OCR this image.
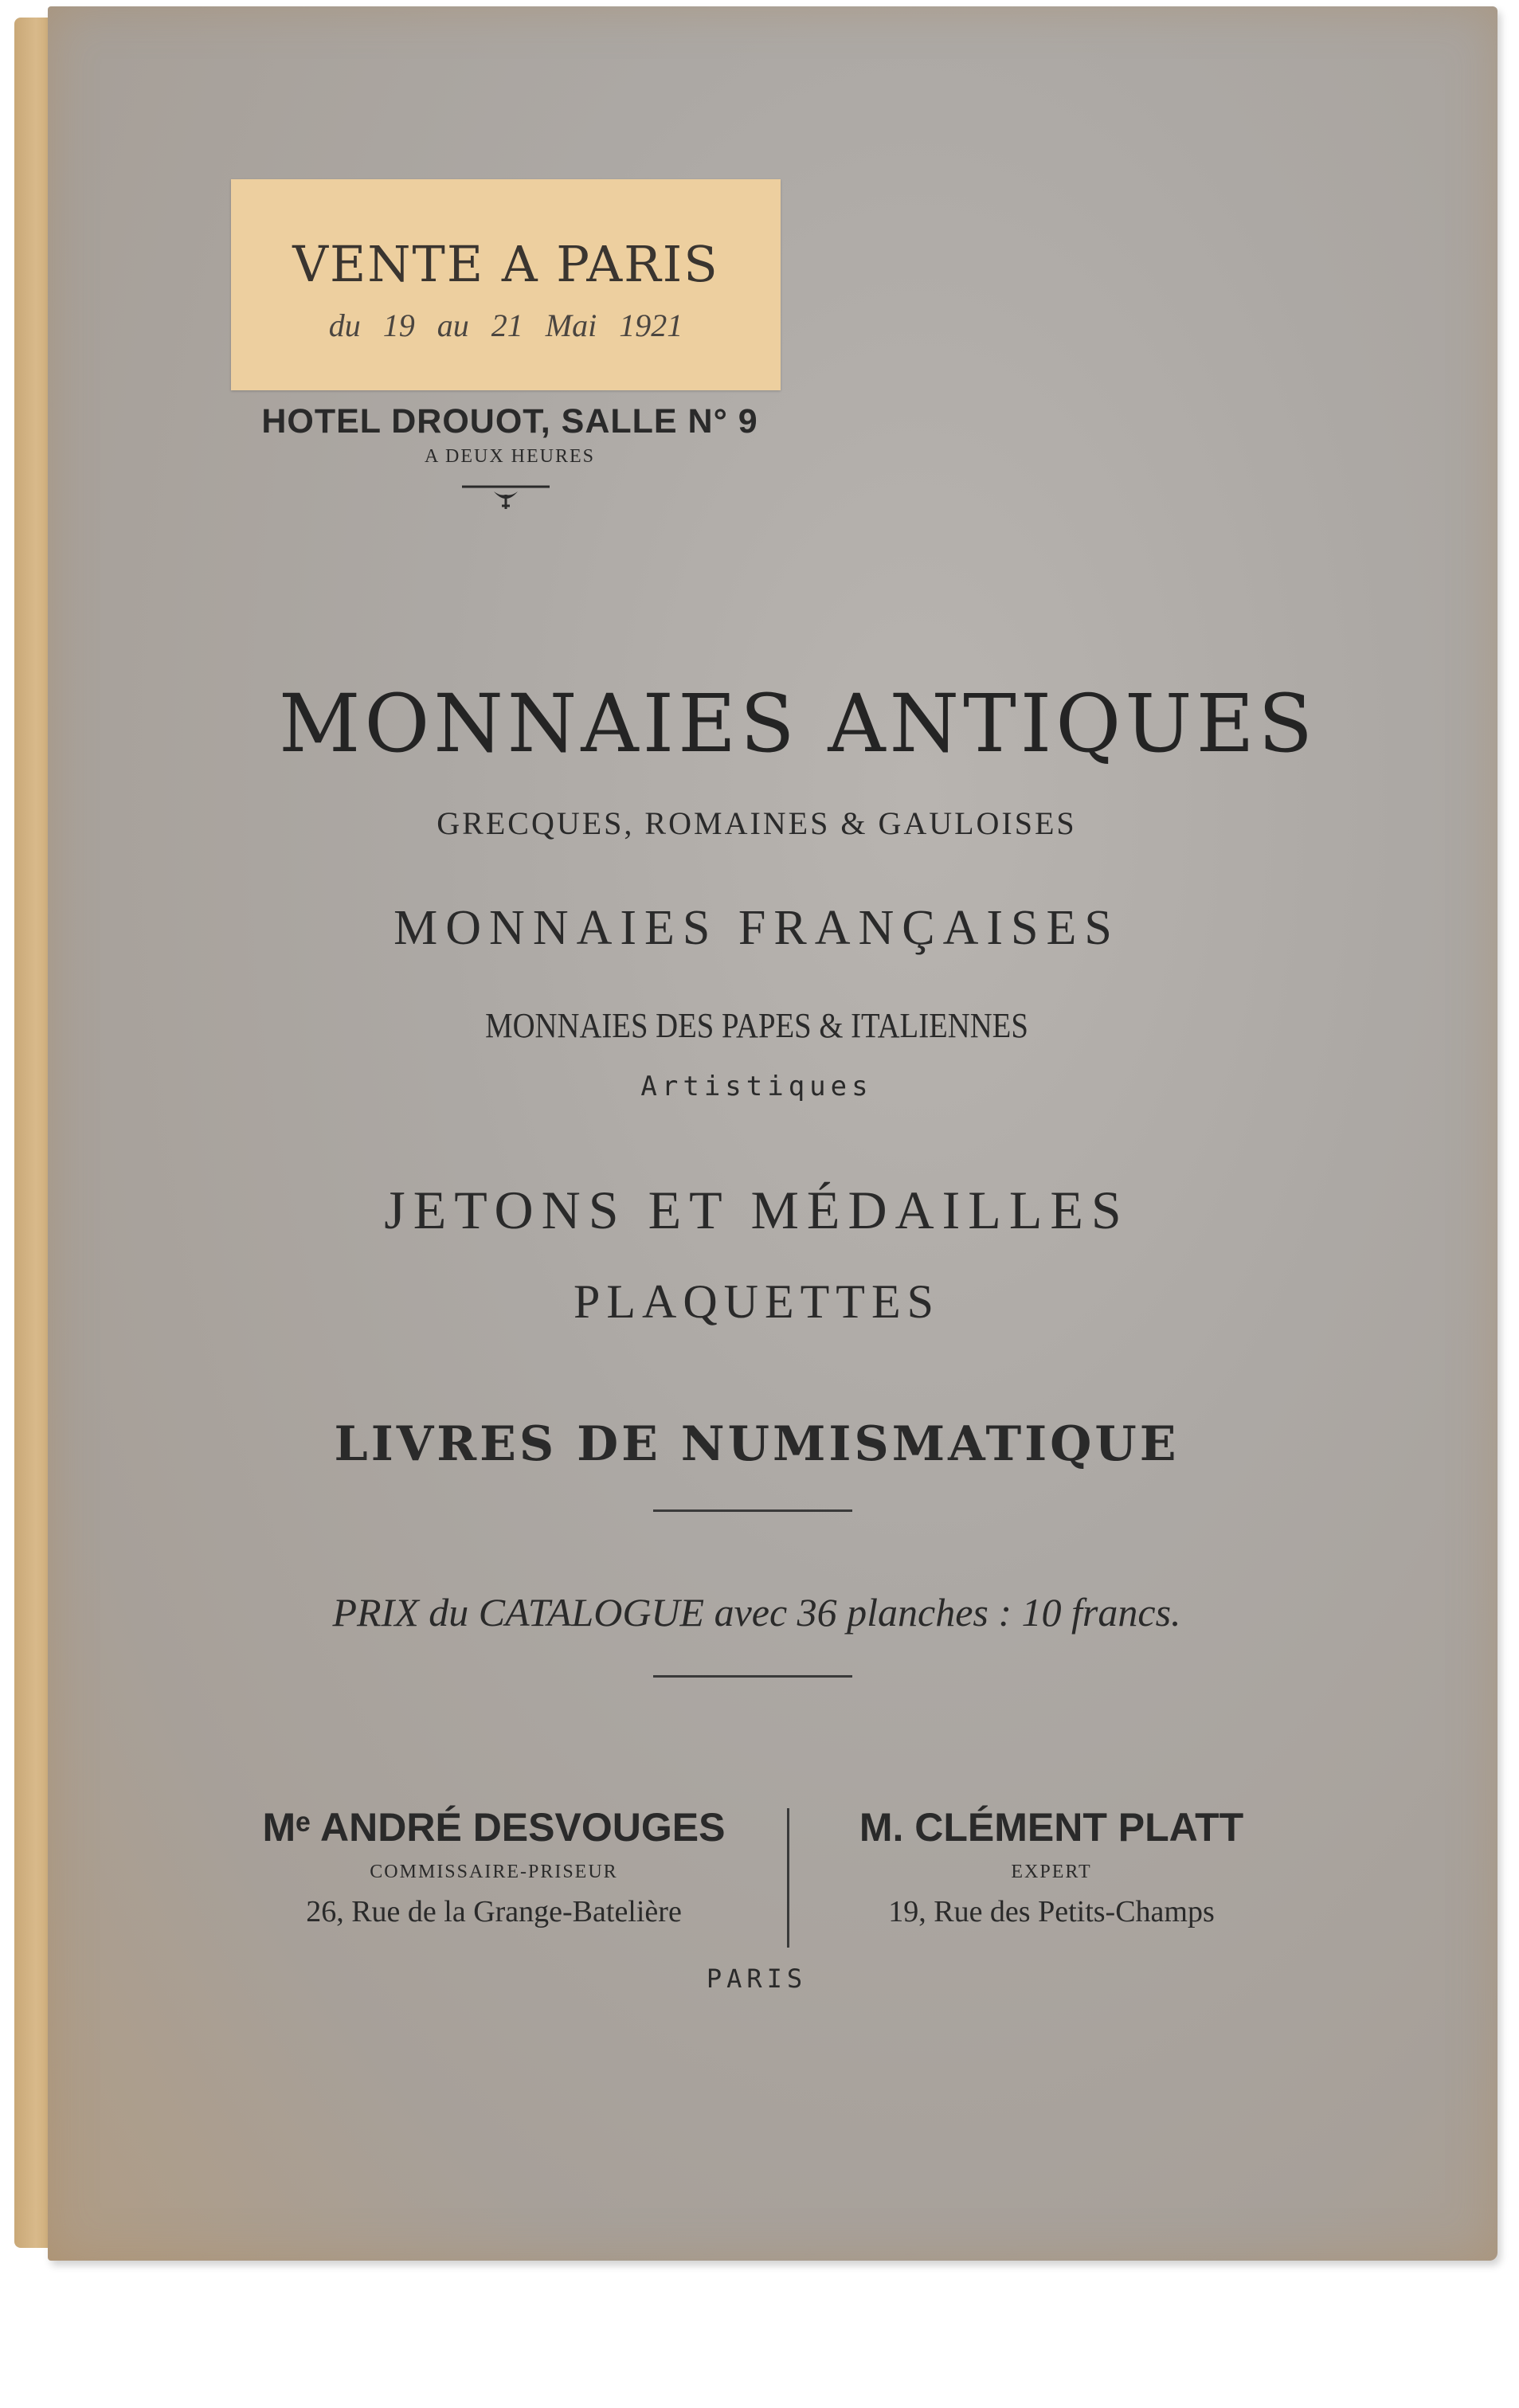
VENTE A PARIS
du 19 au 21 Mai 1921
HOTEL DROUOT, SALLE N° 9
A DEUX HEURES
MONNAIES ANTIQUES
GRECQUES, ROMAINES & GAULOISES
MONNAIES FRANÇAISES
MONNAIES DES PAPES & ITALIENNES
Artistiques
JETONS ET MÉDAILLES
PLAQUETTES
LIVRES DE NUMISMATIQUE
PRIX du CATALOGUE avec 36 planches : 10 francs.
Mᵉ ANDRÉ DESVOUGES
COMMISSAIRE-PRISEUR
26, Rue de la Grange-Batelière
M. CLÉMENT PLATT
EXPERT
19, Rue des Petits-Champs
PARIS
